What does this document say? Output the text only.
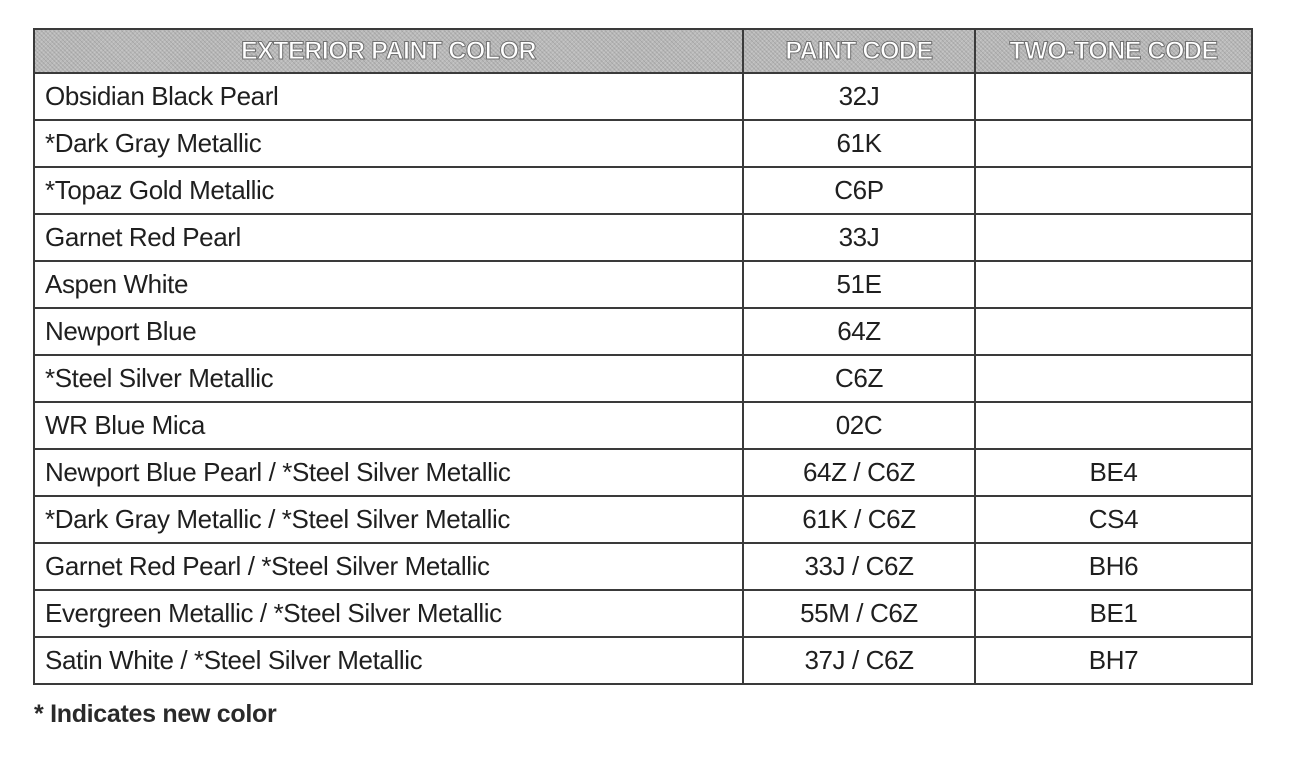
EXTERIOR PAINT COLOR	PAINT CODE	TWO-TONE CODE
Obsidian Black Pearl	32J	
*Dark Gray Metallic	61K	
*Topaz Gold Metallic	C6P	
Garnet Red Pearl	33J	
Aspen White	51E	
Newport Blue	64Z	
*Steel Silver Metallic	C6Z	
WR Blue Mica	02C	
Newport Blue Pearl / *Steel Silver Metallic	64Z / C6Z	BE4
*Dark Gray Metallic / *Steel Silver Metallic	61K / C6Z	CS4
Garnet Red Pearl / *Steel Silver Metallic	33J / C6Z	BH6
Evergreen Metallic / *Steel Silver Metallic	55M / C6Z	BE1
Satin White / *Steel Silver Metallic	37J / C6Z	BH7
* Indicates new color
